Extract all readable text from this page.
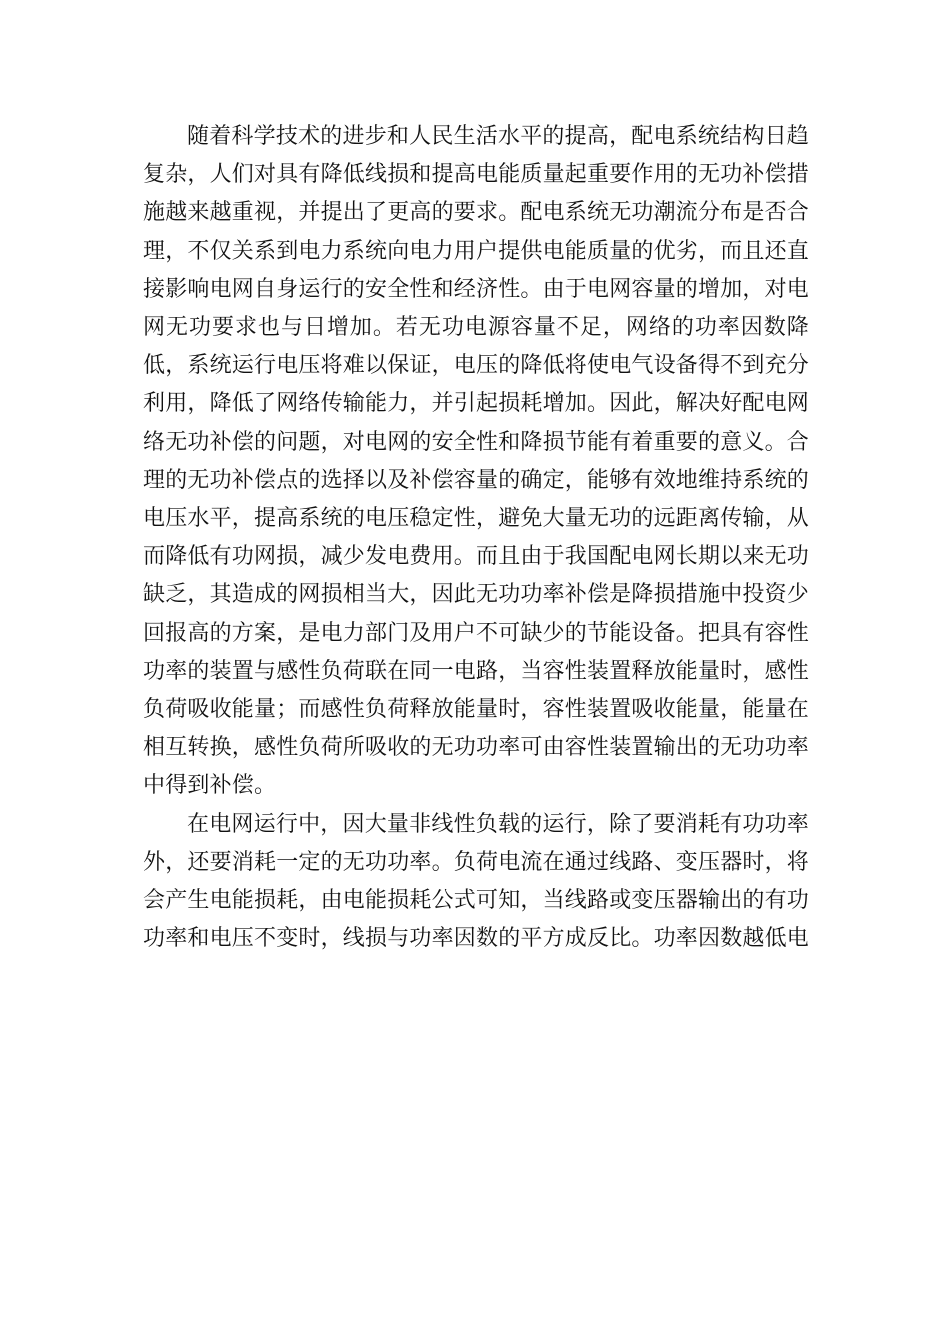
随着科学技术的进步和人民生活水平的提高，配电系统结构日趋复杂，人们对具有降低线损和提高电能质量起重要作用的无功补偿措施越来越重视，并提出了更高的要求。配电系统无功潮流分布是否合理，不仅关系到电力系统向电力用户提供电能质量的优劣，而且还直接影响电网自身运行的安全性和经济性。由于电网容量的增加，对电网无功要求也与日增加。若无功电源容量不足，网络的功率因数降低，系统运行电压将难以保证，电压的降低将使电气设备得不到充分利用，降低了网络传输能力，并引起损耗增加。因此，解决好配电网络无功补偿的问题，对电网的安全性和降损节能有着重要的意义。合理的无功补偿点的选择以及补偿容量的确定，能够有效地维持系统的电压水平，提高系统的电压稳定性，避免大量无功的远距离传输，从而降低有功网损，减少发电费用。而且由于我国配电网长期以来无功缺乏，其造成的网损相当大，因此无功功率补偿是降损措施中投资少回报高的方案，是电力部门及用户不可缺少的节能设备。把具有容性功率的装置与感性负荷联在同一电路，当容性装置释放能量时，感性负荷吸收能量；而感性负荷释放能量时，容性装置吸收能量，能量在相互转换，感性负荷所吸收的无功功率可由容性装置输出的无功功率中得到补偿。

在电网运行中，因大量非线性负载的运行，除了要消耗有功功率外，还要消耗一定的无功功率。负荷电流在通过线路、变压器时，将会产生电能损耗，由电能损耗公式可知，当线路或变压器输出的有功功率和电压不变时，线损与功率因数的平方成反比。功率因数越低电
